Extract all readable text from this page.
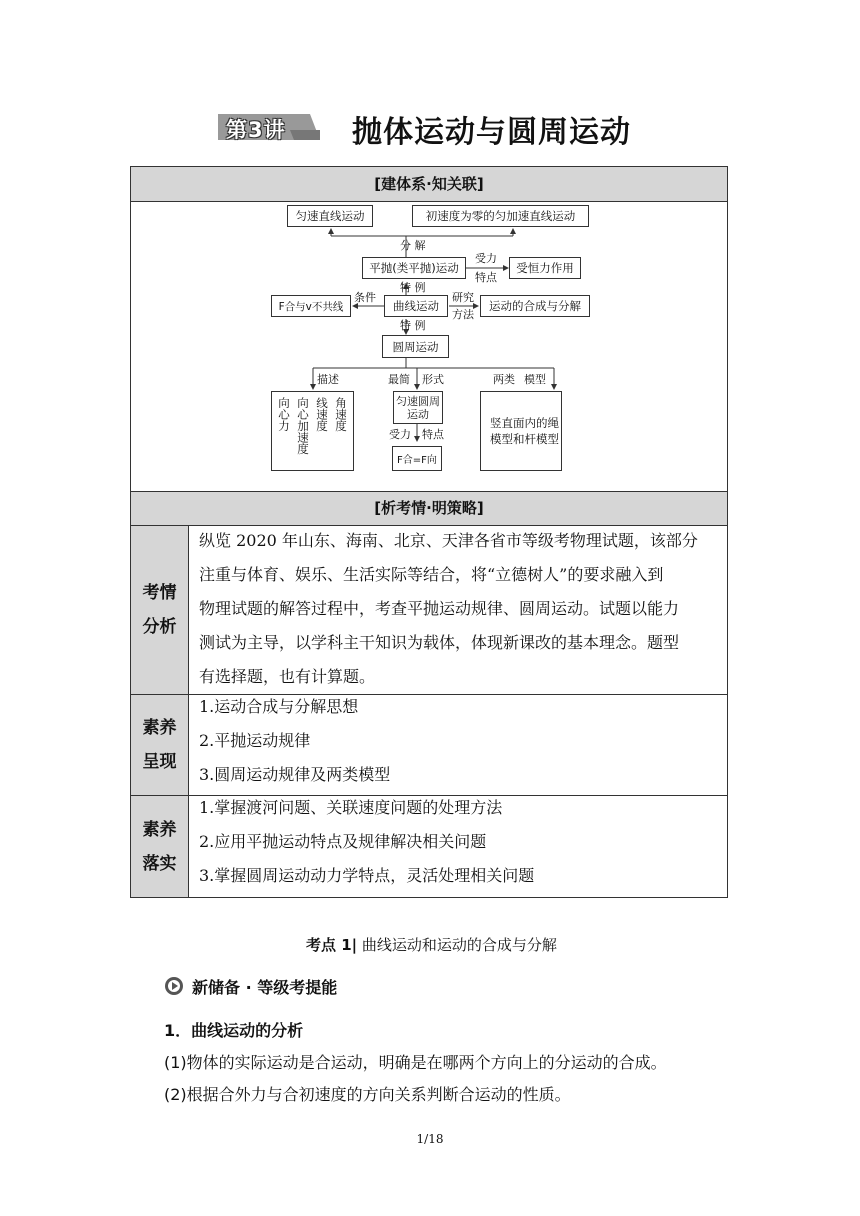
第3讲 抛体运动与圆周运动
[建体系·知关联]
匀速直线运动	初速度为零的匀加速直线运动
分 解
平抛(类平抛)运动
受力
特点
受恒力作用
特 例
条件
F合与v不共线	曲线运动
研究
方法
运动的合成与分解
特 例
圆周运动
描述	最简 形式	两类 模型
角速度
线速度
向心加速度
向心力	匀速圆周运动
受力 特点
F合=F向
竖直面内的绳模型和杆模型
[析考情·明策略]
考情分析
纵览 2020 年山东、海南、北京、天津各省市等级考物理试题，该部分
注重与体育、娱乐、生活实际等结合，将“立德树人”的要求融入到
物理试题的解答过程中，考查平抛运动规律、圆周运动。试题以能力
测试为主导，以学科主干知识为载体，体现新课改的基本理念。题型
有选择题，也有计算题。
素养呈现
1.运动合成与分解思想
2.平抛运动规律
3.圆周运动规律及两类模型
素养落实
1.掌握渡河问题、关联速度问题的处理方法
2.应用平抛运动特点及规律解决相关问题
3.掌握圆周运动动力学特点，灵活处理相关问题
考点 1| 曲线运动和运动的合成与分解
新储备 · 等级考提能
1．曲线运动的分析
(1)物体的实际运动是合运动，明确是在哪两个方向上的分运动的合成。
(2)根据合外力与合初速度的方向关系判断合运动的性质。
1/18
